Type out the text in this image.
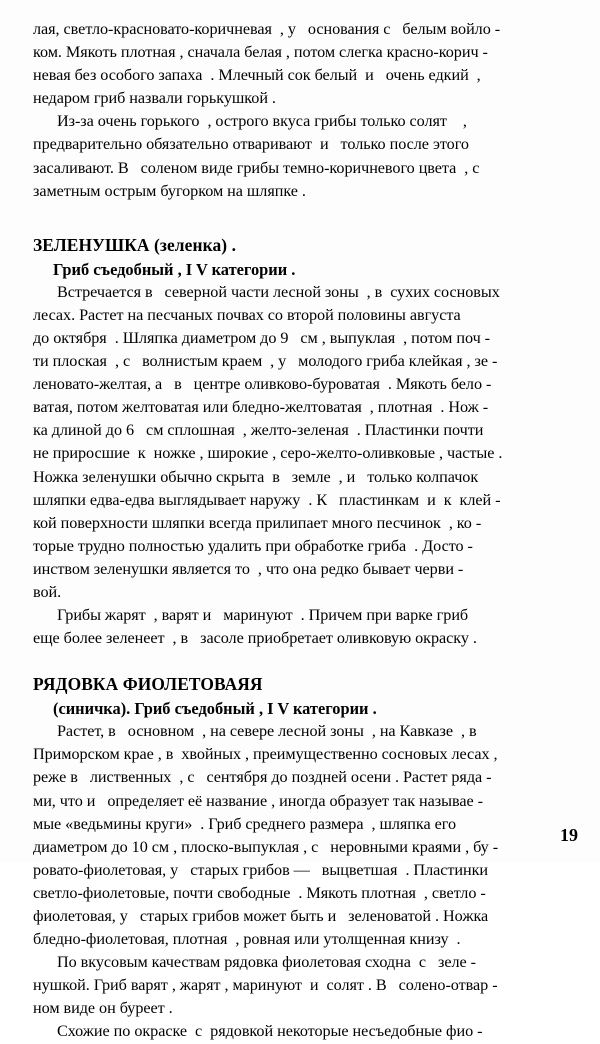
лая, светло-красновато-коричневая  , у   основания с   белым войло -
ком. Мякоть плотная , сначала белая , потом слегка красно-корич -
невая без особого запаха  . Млечный сок белый  и   очень едкий  ,
недаром гриб назвали горькушкой .

Из-за очень горького  , острого вкуса грибы только солят    ,
предварительно обязательно отваривают  и   только после этого
засаливают. В   соленом виде грибы темно-коричневого цвета  , с
заметным острым бугорком на шляпке .

ЗЕЛЕНУШКА (зеленка) .
Гриб съедобный , I V категории .

Встречается в   северной части лесной зоны  , в  сухих сосновых
лесах. Растет на песчаных почвах со второй половины августа
до октября  . Шляпка диаметром до 9   см , выпуклая  , потом поч -
ти плоская  , с   волнистым краем  , у   молодого гриба клейкая , зе -
леновато-желтая, а   в   центре оливково-буроватая  . Мякоть бело -
ватая, потом желтоватая или бледно-желтоватая  , плотная  . Нож -
ка длиной до 6   см сплошная  , желто-зеленая  . Пластинки почти
не приросшие  к  ножке , широкие , серо-желто-оливковые , частые .
Ножка зеленушки обычно скрыта  в   земле  , и   только колпачок
шляпки едва-едва выглядывает наружу  . К   пластинкам  и  к  клей -
кой поверхности шляпки всегда прилипает много песчинок  , ко -
торые трудно полностью удалить при обработке гриба  . Досто -
инством зеленушки является то  , что она редко бывает черви -
вой.

Грибы жарят  , варят и   маринуют  . Причем при варке гриб
еще более зеленеет  , в   засоле приобретает оливковую окраску .

РЯДОВКА ФИОЛЕТОВАЯЯ
(синичка). Гриб съедобный , I V категории .

Растет, в   основном  , на севере лесной зоны  , на Кавказе  , в
Приморском крае , в  хвойных , преимущественно сосновых лесах ,
реже в   лиственных  , с   сентября до поздней осени . Растет ряда -
ми, что и   определяет её название , иногда образует так называе -
мые «ведьмины круги»  . Гриб среднего размера  , шляпка его
диаметром до 10 см , плоско-выпуклая , с   неровными краями , бу -
ровато-фиолетовая, у   старых грибов —   выцветшая  . Пластинки
светло-фиолетовые, почти свободные  . Мякоть плотная  , светло -
фиолетовая, у   старых грибов может быть и   зеленоватой . Ножка
бледно-фиолетовая, плотная  , ровная или утолщенная книзу  .

По вкусовым качествам рядовка фиолетовая сходна  с   зеле -
нушкой. Гриб варят , жарят , маринуют  и  солят . В   солено-отвар -
ном виде он буреет .

Схожие по окраске  с  рядовкой некоторые несъедобные фио -

19
